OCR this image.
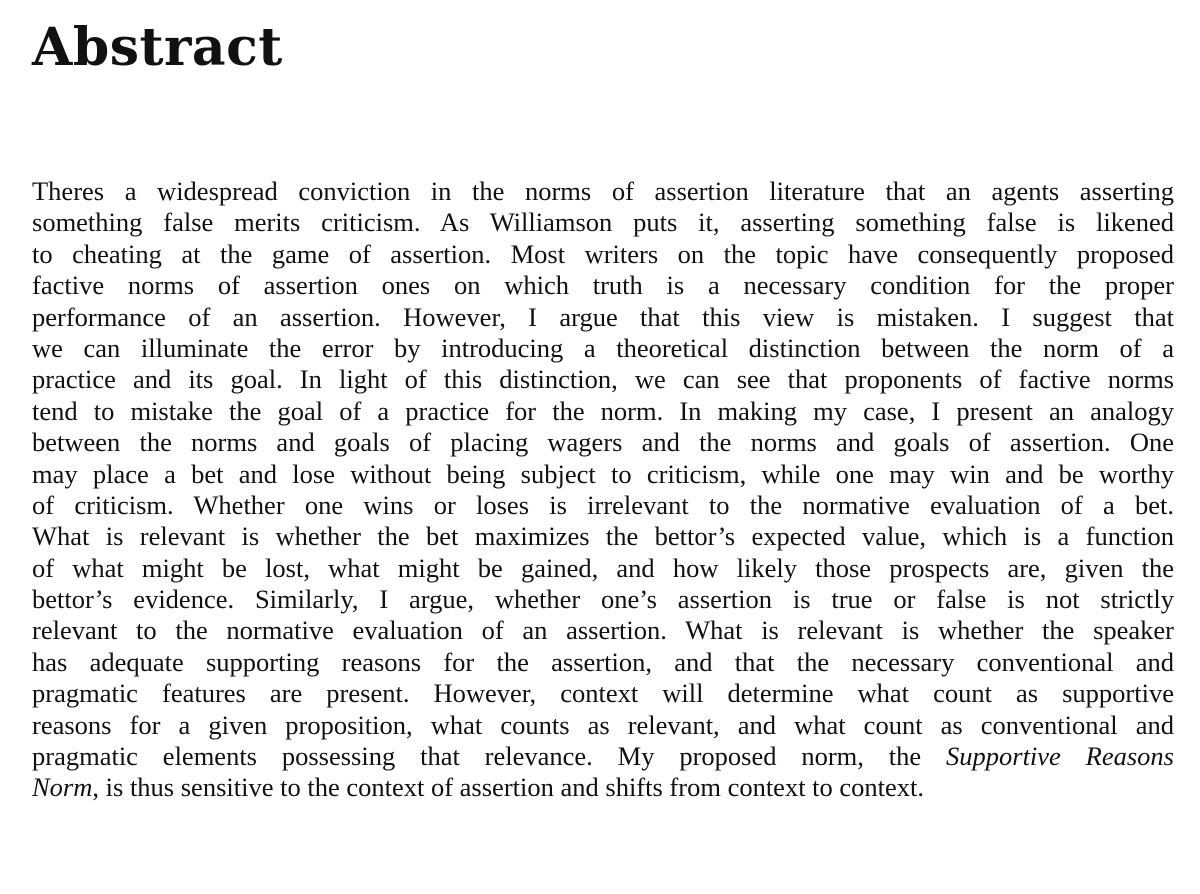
Abstract
Theres a widespread conviction in the norms of assertion literature that an agents asserting
something false merits criticism. As Williamson puts it, asserting something false is likened
to cheating at the game of assertion. Most writers on the topic have consequently proposed
factive norms of assertion ones on which truth is a necessary condition for the proper
performance of an assertion. However, I argue that this view is mistaken. I suggest that
we can illuminate the error by introducing a theoretical distinction between the norm of a
practice and its goal. In light of this distinction, we can see that proponents of factive norms
tend to mistake the goal of a practice for the norm. In making my case, I present an analogy
between the norms and goals of placing wagers and the norms and goals of assertion. One
may place a bet and lose without being subject to criticism, while one may win and be worthy
of criticism. Whether one wins or loses is irrelevant to the normative evaluation of a bet.
What is relevant is whether the bet maximizes the bettor’s expected value, which is a function
of what might be lost, what might be gained, and how likely those prospects are, given the
bettor’s evidence. Similarly, I argue, whether one’s assertion is true or false is not strictly
relevant to the normative evaluation of an assertion. What is relevant is whether the speaker
has adequate supporting reasons for the assertion, and that the necessary conventional and
pragmatic features are present. However, context will determine what count as supportive
reasons for a given proposition, what counts as relevant, and what count as conventional and
pragmatic elements possessing that relevance. My proposed norm, the Supportive Reasons
Norm, is thus sensitive to the context of assertion and shifts from context to context.
